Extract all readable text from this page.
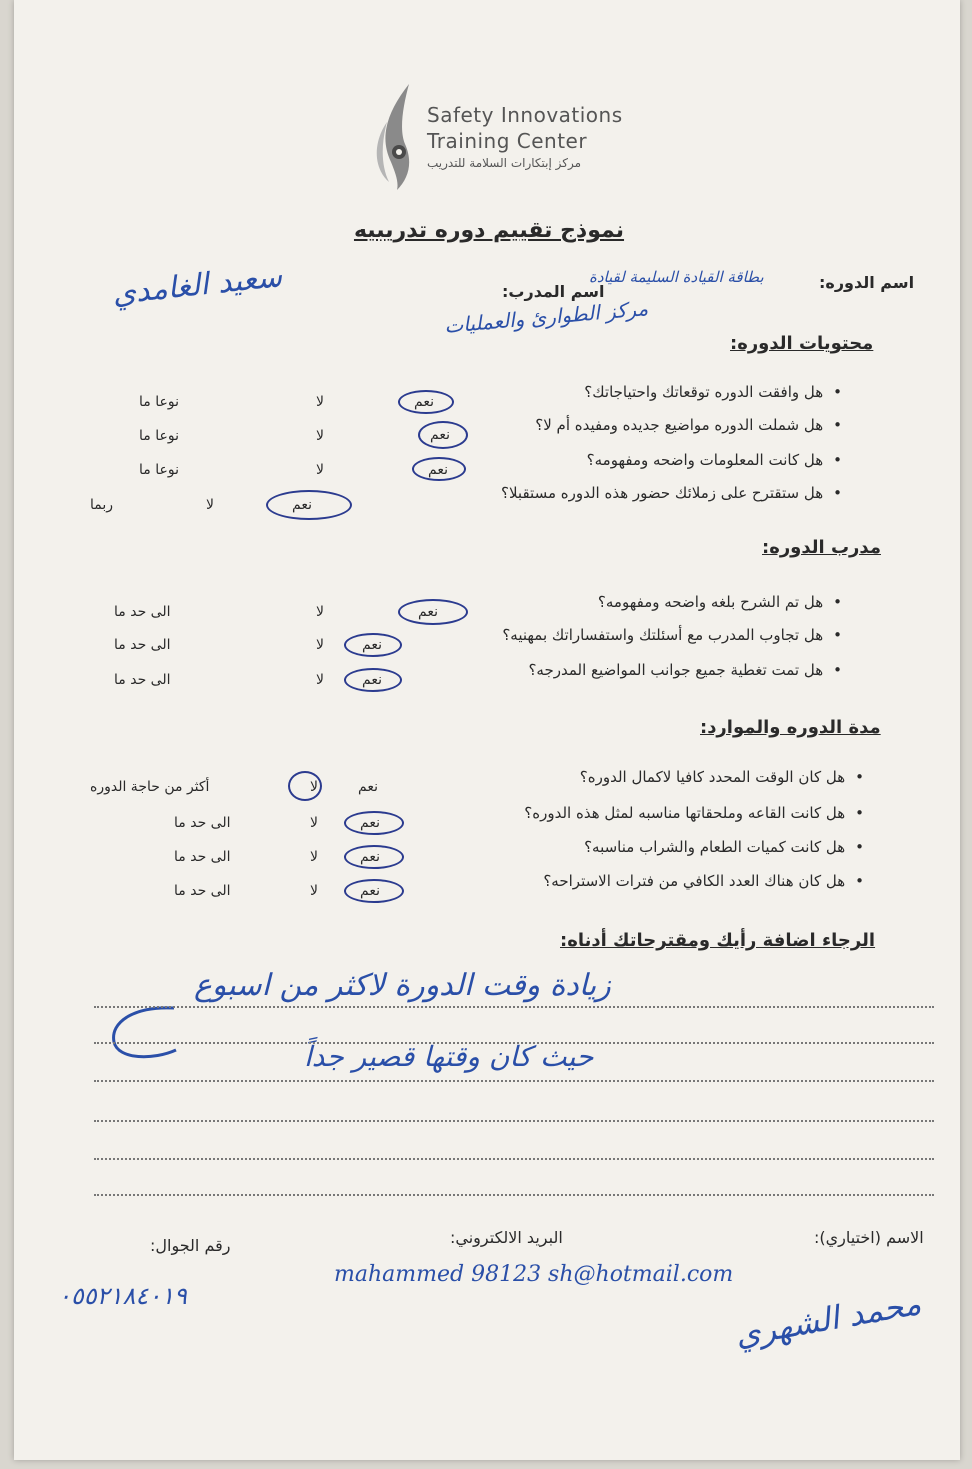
Safety Innovations
Training Center
مركز إبتكارات السلامة للتدريب
نموذج تقييم دوره تدريبيه
اسم الدوره:
بطاقة القيادة السليمة لقيادة
اسم المدرب:
سعيد الغامدي
مركز الطوارئ والعمليات
محتويات الدوره:
•هل وافقت الدوره توقعاتك واحتياجاتك؟
نعم
لا
نوعا ما
•هل شملت الدوره مواضيع جديده ومفيده أم لا؟
نعم
لا
نوعا ما
•هل كانت المعلومات واضحه ومفهومه؟
نعم
لا
نوعا ما
•هل ستقترح على زملائك حضور هذه الدوره مستقبلا؟
نعم
لا
ربما
مدرب الدوره:
•هل تم الشرح بلغه واضحه ومفهومه؟
نعم
لا
الى حد ما
•هل تجاوب المدرب مع أسئلتك واستفساراتك بمهنيه؟
نعم
لا
الى حد ما
•هل تمت تغطية جميع جوانب المواضيع المدرجه؟
نعم
لا
الى حد ما
مدة الدوره والموارد:
•هل كان الوقت المحدد كافيا لاكمال الدوره؟
نعم
لا
أكثر من حاجة الدوره
•هل كانت القاعه وملحقاتها مناسبه لمثل هذه الدوره؟
نعم
لا
الى حد ما
•هل كانت كميات الطعام والشراب مناسبه؟
نعم
لا
الى حد ما
•هل كان هناك العدد الكافي من فترات الاستراحه؟
نعم
لا
الى حد ما
الرجاء اضافة رأيك ومقترحاتك أدناه:
زيادة وقت الدورة لاكثر من اسبوع
حيث كان وقتها قصير جداً
الاسم (اختياري):
البريد الالكتروني:
رقم الجوال:
mahammed 98123 sh@hotmail.com
٠٥٥٢١٨٤٠١٩	محمد الشهري
